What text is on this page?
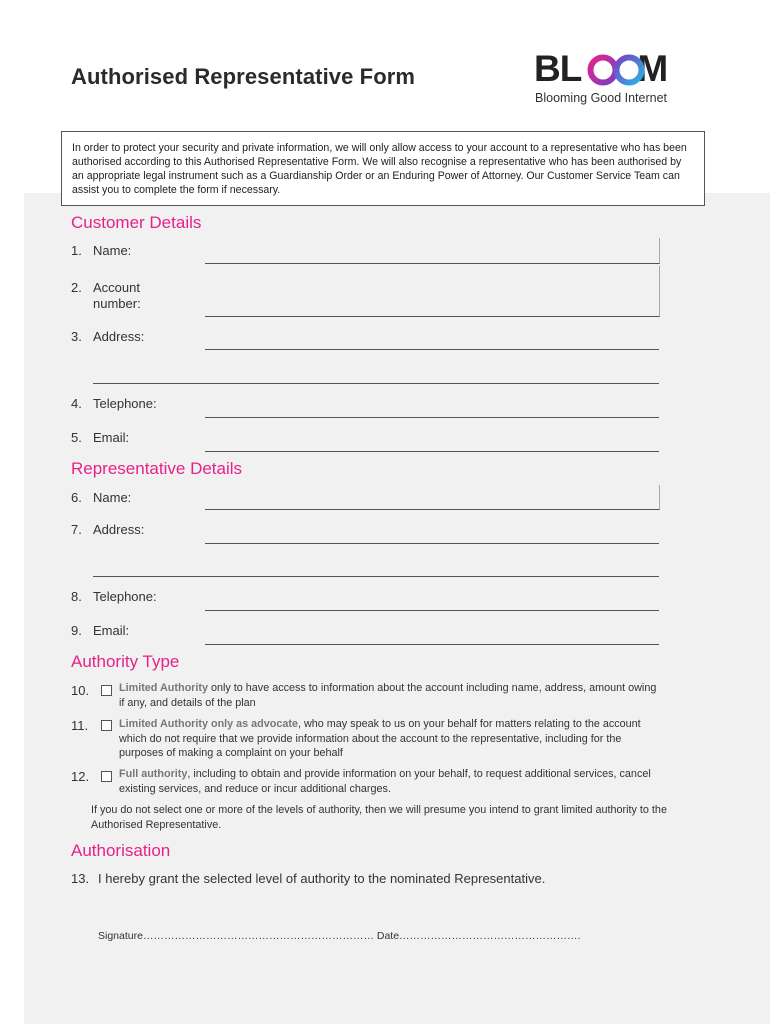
Authorised Representative Form	BL M
Blooming Good Internet
In order to protect your security and private information, we will only allow access to your account to a representative who has been authorised according to this Authorised Representative Form. We will also recognise a representative who has been authorised by an appropriate legal instrument such as a Guardianship Order or an Enduring Power of Attorney. Our Customer Service Team can assist you to complete the form if necessary.
Customer Details
1. Name:
2. Account
number:
3. Address:
4. Telephone:
5. Email:
Representative Details
6. Name:
7. Address:
8. Telephone:
9. Email:
Authority Type
10.	Limited Authority only to have access to information about the account including name, address, amount owing if any, and details of the plan
11.	Limited Authority only as advocate, who may speak to us on your behalf for matters relating to the account which do not require that we provide information about the account to the representative, including for the purposes of making a complaint on your behalf
12.	Full authority, including to obtain and provide information on your behalf, to request additional services, cancel existing services, and reduce or incur additional charges.
If you do not select one or more of the levels of authority, then we will presume you intend to grant limited authority to the Authorised Representative.
Authorisation
13. I hereby grant the selected level of authority to the nominated Representative.
Signature………………………………………………………… Date…………………………………………….
